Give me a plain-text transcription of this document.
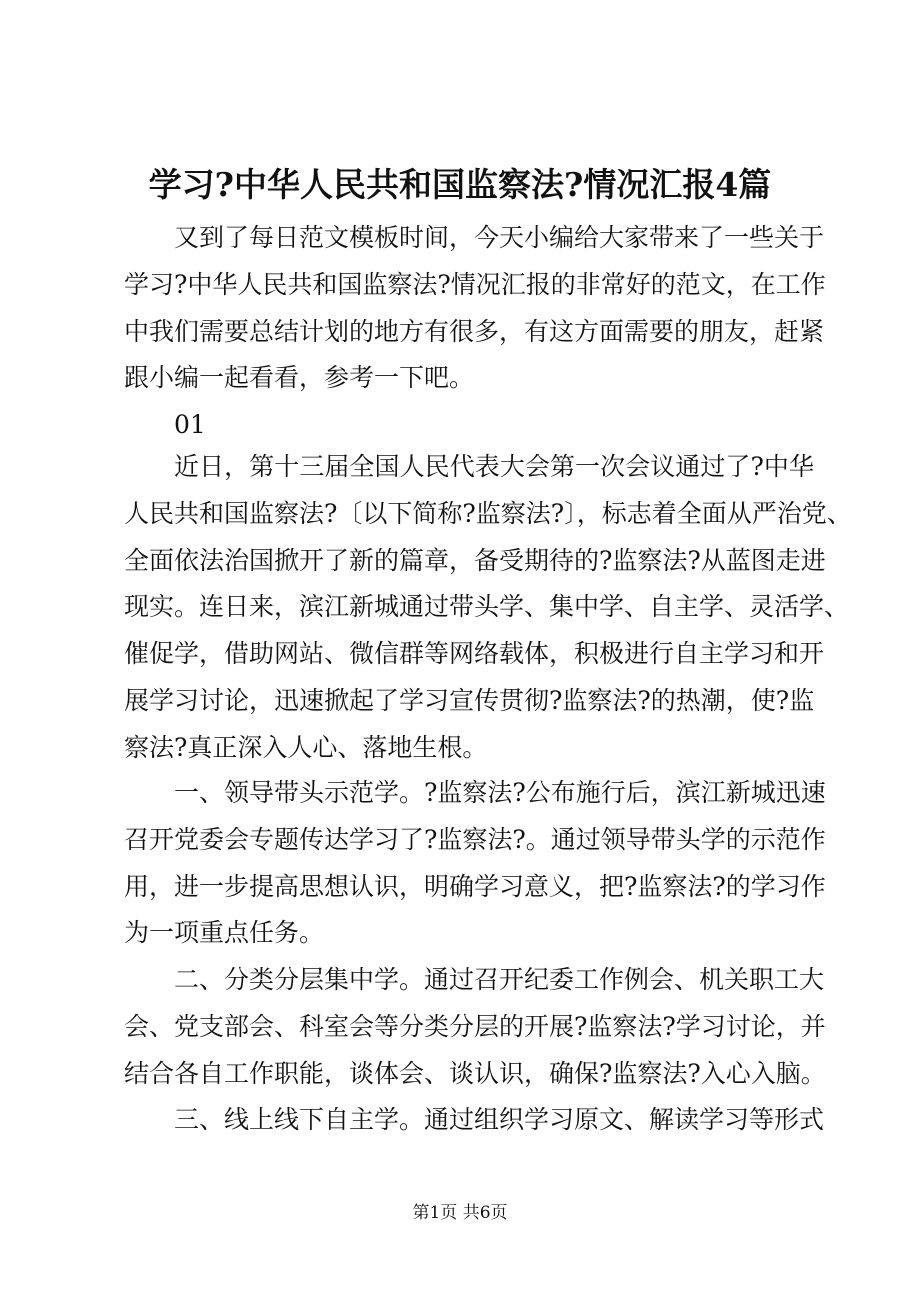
学习?中华人民共和国监察法?情况汇报4篇
又到了每日范文模板时间，今天小编给大家带来了一些关于
学习?中华人民共和国监察法?情况汇报的非常好的范文，在工作
中我们需要总结计划的地方有很多，有这方面需要的朋友，赶紧
跟小编一起看看，参考一下吧。
01
近日，第十三届全国人民代表大会第一次会议通过了?中华
人民共和国监察法?〔以下简称?监察法?〕，标志着全面从严治党、
全面依法治国掀开了新的篇章，备受期待的?监察法?从蓝图走进
现实。连日来，滨江新城通过带头学、集中学、自主学、灵活学、
催促学，借助网站、微信群等网络载体，积极进行自主学习和开
展学习讨论，迅速掀起了学习宣传贯彻?监察法?的热潮，使?监
察法?真正深入人心、落地生根。
一、领导带头示范学。?监察法?公布施行后，滨江新城迅速
召开党委会专题传达学习了?监察法?。通过领导带头学的示范作
用，进一步提高思想认识，明确学习意义，把?监察法?的学习作
为一项重点任务。
二、分类分层集中学。通过召开纪委工作例会、机关职工大
会、党支部会、科室会等分类分层的开展?监察法?学习讨论，并
结合各自工作职能，谈体会、谈认识，确保?监察法?入心入脑。
三、线上线下自主学。通过组织学习原文、解读学习等形式
第1页 共6页
